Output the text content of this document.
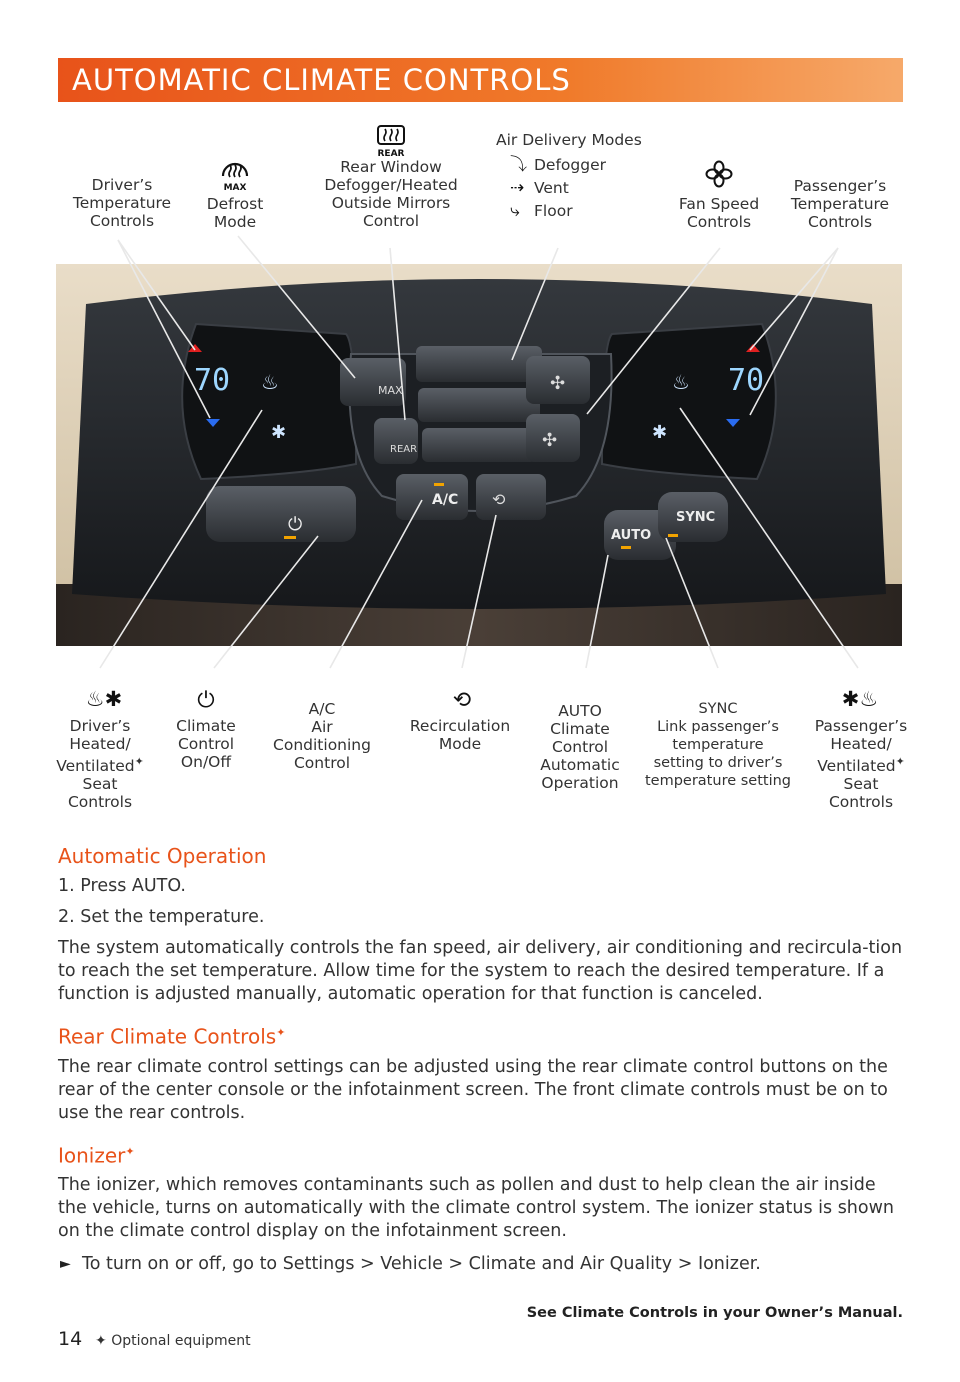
AUTOMATIC CLIMATE CONTROLS
Driver’s
Temperature
Controls
MAX
Defrost
Mode
REAR
Rear Window
Defogger/Heated
Outside Mirrors
Control
Air Delivery Modes
⤵ Defogger
⇢ Vent
⤷ Floor	Fan Speed
Controls
Passenger’s
Temperature
Controls
MAX
REAR
A/C
AUTO
SYNC
⏻
70	70
♨
✱
♨
✱
✣
✣
⟲
♨✱
Driver’s
Heated/
Ventilated✦
Seat
Controls
⏻
Climate
Control
On/Off
A/C
Air
Conditioning
Control
⟲
Recirculation
Mode
AUTO
Climate
Control
Automatic
Operation
SYNC
Link passenger’s
temperature
setting to driver’s
temperature setting
✱♨
Passenger’s
Heated/
Ventilated✦
Seat
Controls
Automatic Operation
1. Press AUTO.
2. Set the temperature.
The system automatically controls the fan speed, air delivery, air conditioning and recircula-tion to reach the set temperature. Allow time for the system to reach the desired temperature. If a function is adjusted manually, automatic operation for that function is canceled.
Rear Climate Controls✦
The rear climate control settings can be adjusted using the rear climate control buttons on the rear of the center console or the infotainment screen. The front climate controls must be on to use the rear controls.
Ionizer✦
The ionizer, which removes contaminants such as pollen and dust to help clean the air inside the vehicle, turns on automatically with the climate control system. The ionizer status is shown on the climate control display on the infotainment screen.
► To turn on or off, go to Settings > Vehicle > Climate and Air Quality > Ionizer.
See Climate Controls in your Owner’s Manual.
14 ✦ Optional equipment
